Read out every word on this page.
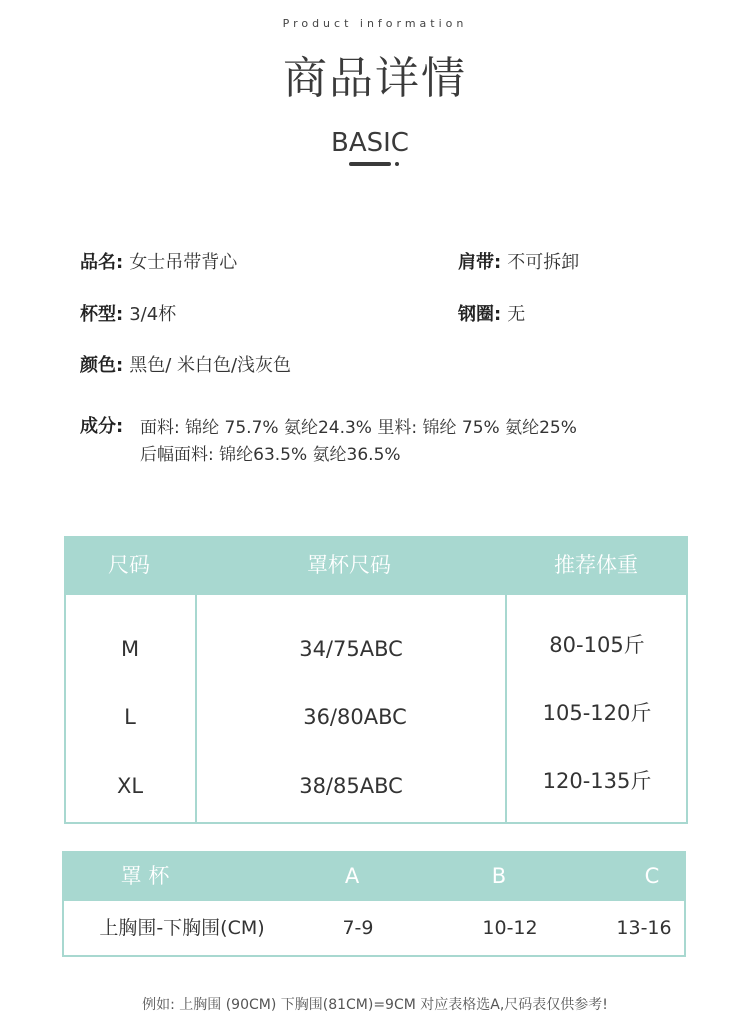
Product information
商品详情
BASIC
品名: 女士吊带背心	肩带: 不可拆卸
杯型: 3/4杯	钢圈: 无
颜色: 黑色/ 米白色/浅灰色
成分: 面料: 锦纶 75.7% 氨纶24.3% 里料: 锦纶 75% 氨纶25%
后幅面料: 锦纶63.5% 氨纶36.5%
尺码	罩杯尺码	推荐体重
M	34/75ABC	80-105斤
L	36/80ABC	105-120斤
XL	38/85ABC	120-135斤
罩 杯	A	B	C
上胸围-下胸围(CM)	7-9	10-12	13-16
例如: 上胸围 (90CM) 下胸围(81CM)=9CM 对应表格选A,尺码表仅供参考!
